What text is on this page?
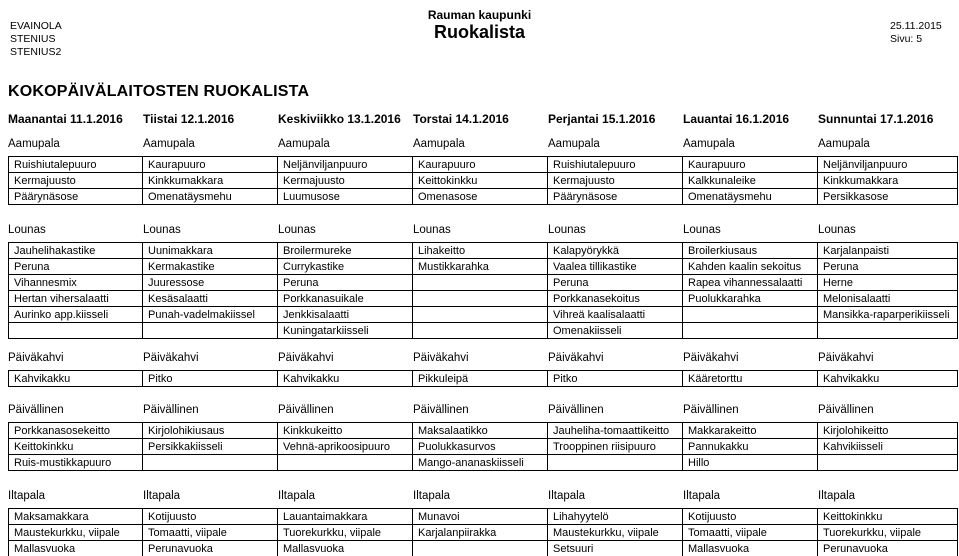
EVAINOLA
STENIUS
STENIUS2
Rauman kaupunki
Ruokalista	25.11.2015
Sivu: 5
KOKOPÄIVÄLAITOSTEN RUOKALISTA
Maanantai 11.1.2016 Tiistai 12.1.2016	Keskiviikko 13.1.2016 Torstai 14.1.2016	Perjantai 15.1.2016 Lauantai 16.1.2016 Sunnuntai 17.1.2016
Aamupala	Aamupala	Aamupala	Aamupala	Aamupala	Aamupala	Aamupala
Ruishiutalepuuro	Kaurapuuro	Neljänviljanpuuro	Kaurapuuro	Ruishiutalepuuro	Kaurapuuro	Neljänviljanpuuro
Kermajuusto	Kinkkumakkara	Kermajuusto	Keittokinkku	Kermajuusto	Kalkkunaleike	Kinkkumakkara
Päärynäsose	Omenatäysmehu	Luumusose	Omenasose	Päärynäsose	Omenatäysmehu	Persikkasose
Lounas	Lounas	Lounas	Lounas	Lounas	Lounas	Lounas
Jauhelihakastike	Uunimakkara	Broilermureke	Lihakeitto	Kalapyörykkä	Broilerkiusaus	Karjalanpaisti
Peruna	Kermakastike	Currykastike	Mustikkarahka	Vaalea tillikastike	Kahden kaalin sekoitus	Peruna
Vihannesmix	Juuressose	Peruna		Peruna	Rapea vihannessalaatti	Herne
Hertan vihersalaatti	Kesäsalaatti	Porkkanasuikale		Porkkanasekoitus	Puolukkarahka	Melonisalaatti
Aurinko app.kiisseli	Punah-vadelmakiissel	Jenkkisalaatti		Vihreä kaalisalaatti		Mansikka-raparperikiisseli
		Kuningatarkiisseli		Omenakiisseli		
Päiväkahvi	Päiväkahvi	Päiväkahvi	Päiväkahvi	Päiväkahvi	Päiväkahvi	Päiväkahvi
Kahvikakku	Pitko	Kahvikakku	Pikkuleipä	Pitko	Kääretorttu	Kahvikakku
Päivällinen	Päivällinen	Päivällinen	Päivällinen	Päivällinen	Päivällinen	Päivällinen
Porkkanasosekeitto	Kirjolohikiusaus	Kinkkukeitto	Maksalaatikko	Jauheliha-tomaattikeitto	Makkarakeitto	Kirjolohikeitto
Keittokinkku	Persikkakiisseli	Vehnä-aprikoosipuuro	Puolukkasurvos	Trooppinen riisipuuro	Pannukakku	Kahvikiisseli
Ruis-mustikkapuuro			Mango-ananaskiisseli		Hillo	
Iltapala	Iltapala	Iltapala	Iltapala	Iltapala	Iltapala	Iltapala
Maksamakkara	Kotijuusto	Lauantaimakkara	Munavoi	Lihahyytelö	Kotijuusto	Keittokinkku
Maustekurkku, viipale	Tomaatti, viipale	Tuorekurkku, viipale	Karjalanpiirakka	Maustekurkku, viipale	Tomaatti, viipale	Tuorekurkku, viipale
Mallasvuoka	Perunavuoka	Mallasvuoka		Setsuuri	Mallasvuoka	Perunavuoka
